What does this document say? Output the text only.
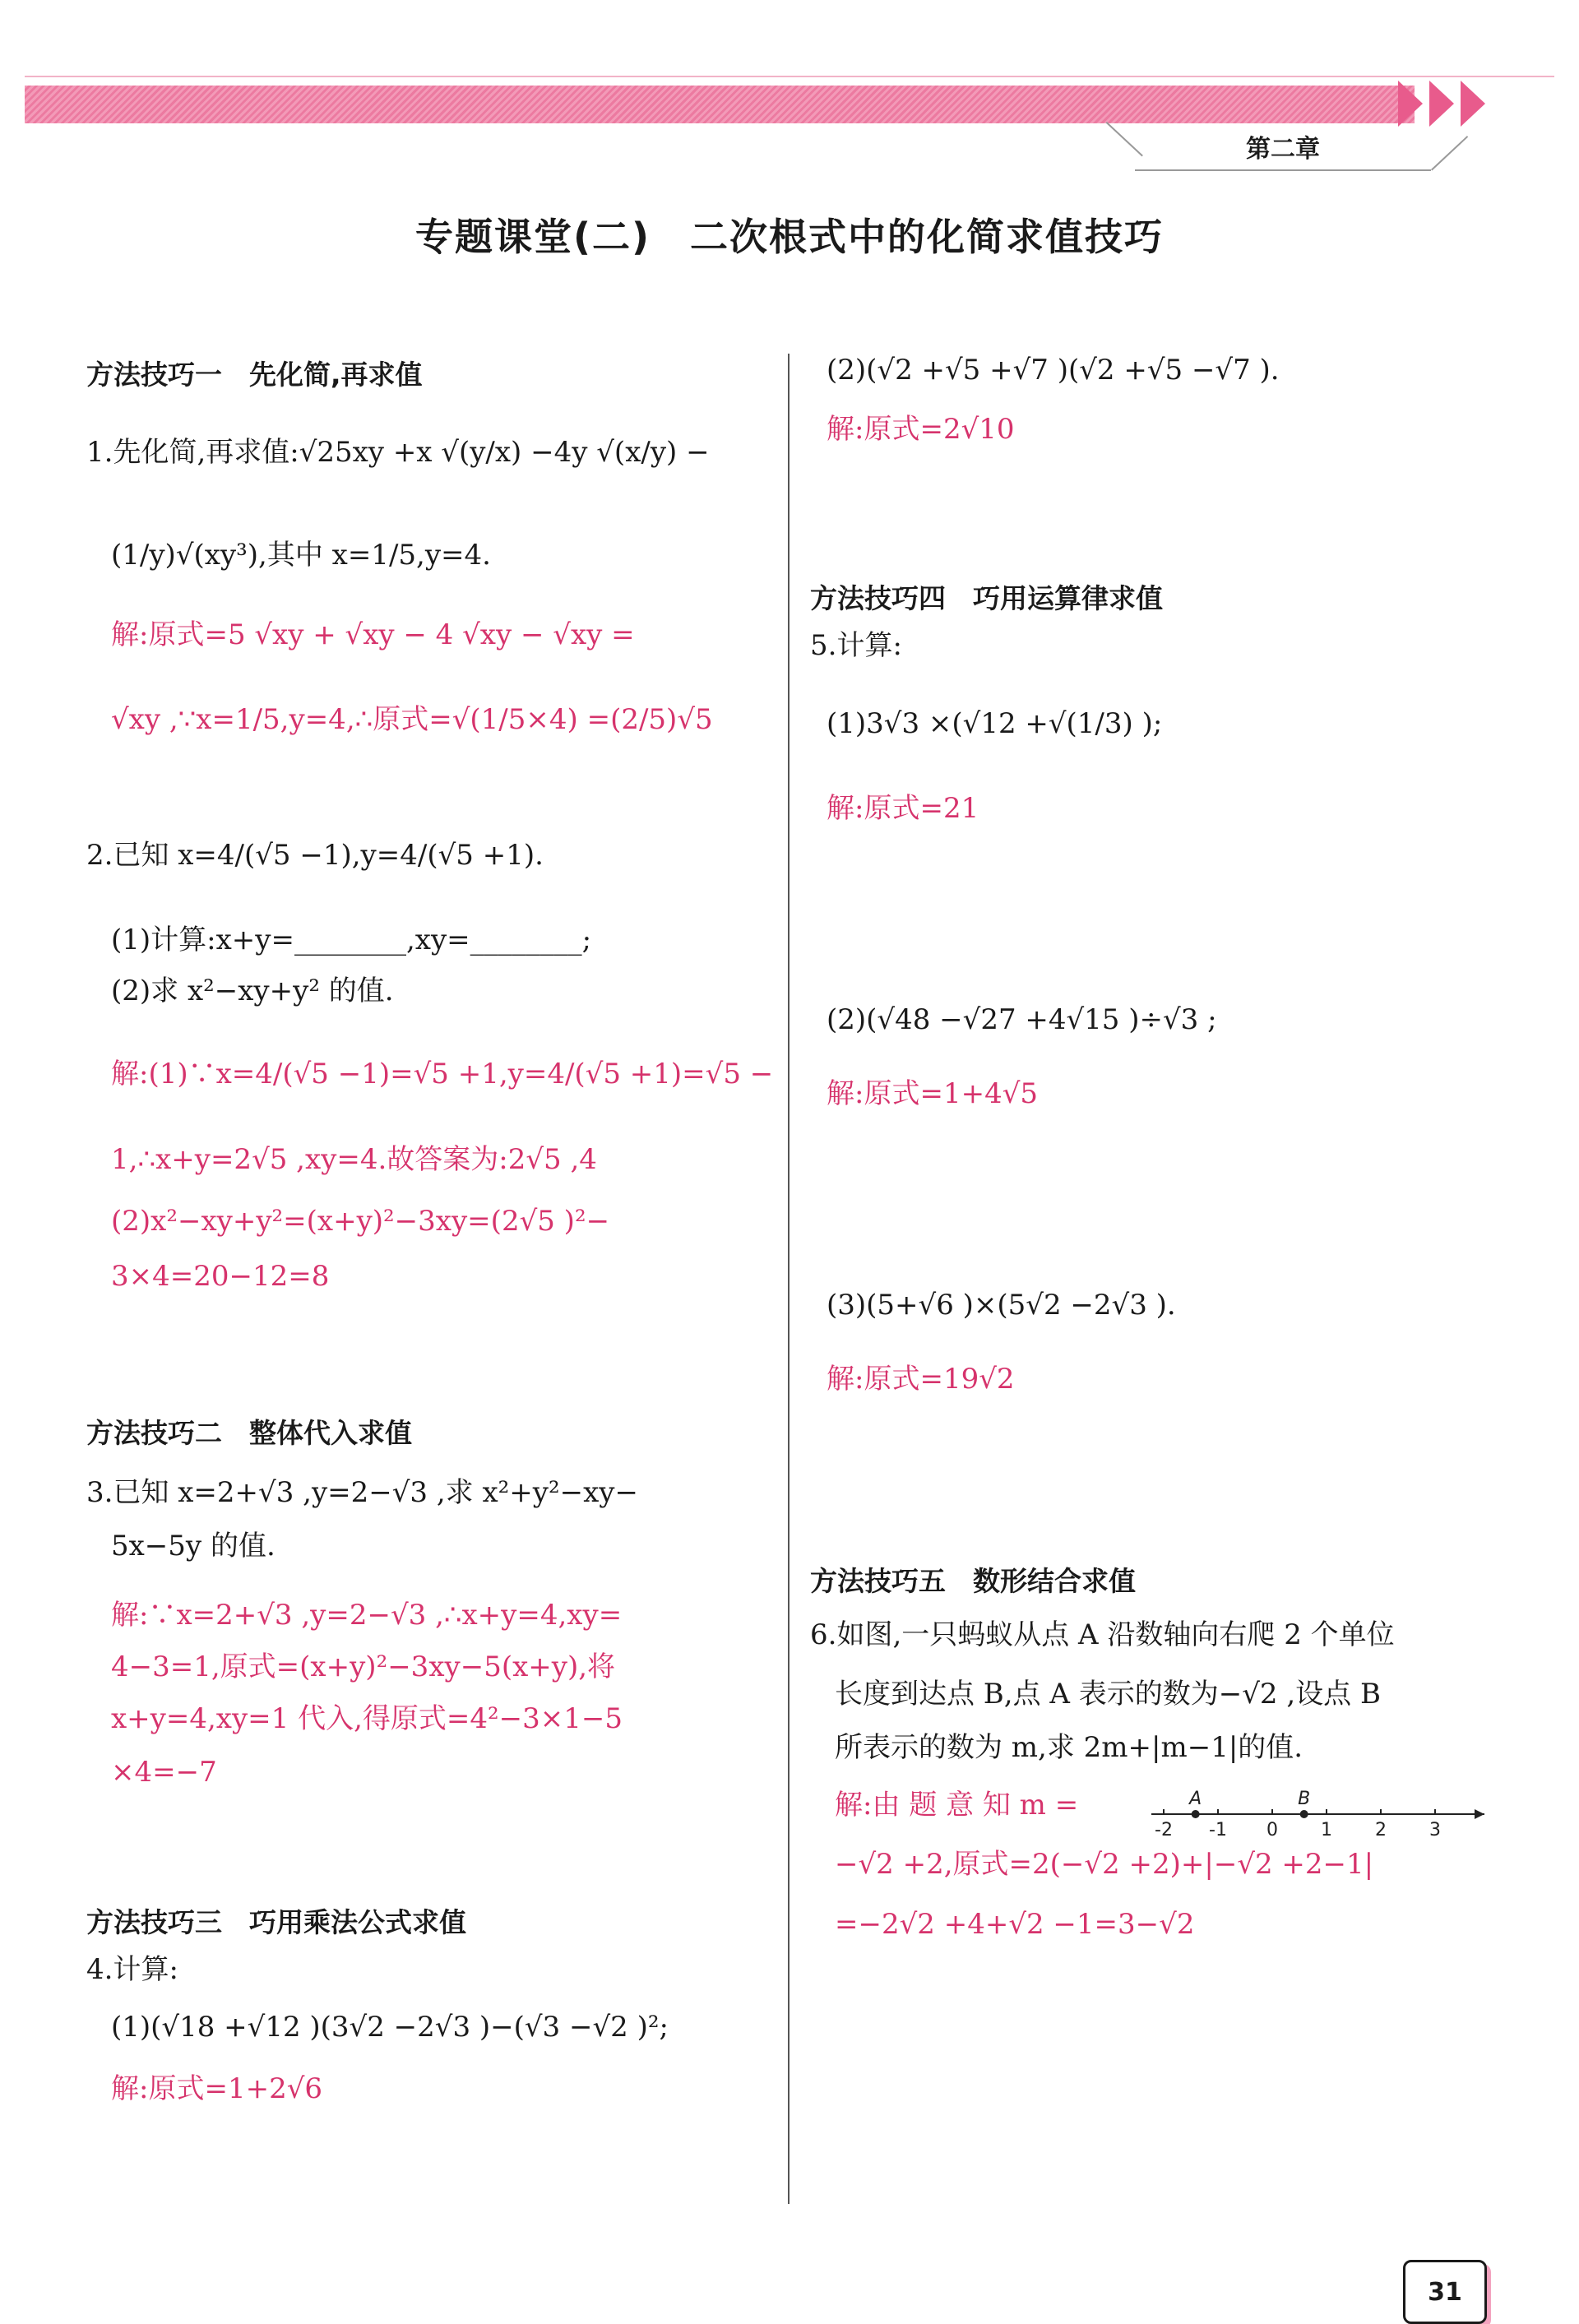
第二章
专题课堂(二)　二次根式中的化简求值技巧
方法技巧一　先化简,再求值
1.先化简,再求值:√25xy +x √(y/x) −4y √(x/y) −
(1/y)√(xy³),其中 x=1/5,y=4.
解:原式=5 √xy + √xy − 4 √xy − √xy =
√xy ,∵x=1/5,y=4,∴原式=√(1/5×4) =(2/5)√5
2.已知 x=4/(√5 −1),y=4/(√5 +1).
(1)计算:x+y=________,xy=________;
(2)求 x²−xy+y² 的值.
解:(1)∵x=4/(√5 −1)=√5 +1,y=4/(√5 +1)=√5 −
1,∴x+y=2√5 ,xy=4.故答案为:2√5 ,4
(2)x²−xy+y²=(x+y)²−3xy=(2√5 )²−
3×4=20−12=8
方法技巧二　整体代入求值
3.已知 x=2+√3 ,y=2−√3 ,求 x²+y²−xy−
5x−5y 的值.
解:∵x=2+√3 ,y=2−√3 ,∴x+y=4,xy=
4−3=1,原式=(x+y)²−3xy−5(x+y),将
x+y=4,xy=1 代入,得原式=4²−3×1−5
×4=−7
方法技巧三　巧用乘法公式求值
4.计算:
(1)(√18 +√12 )(3√2 −2√3 )−(√3 −√2 )²;
解:原式=1+2√6
(2)(√2 +√5 +√7 )(√2 +√5 −√7 ).
解:原式=2√10
方法技巧四　巧用运算律求值
5.计算:
(1)3√3 ×(√12 +√(1/3) );
解:原式=21
(2)(√48 −√27 +4√15 )÷√3 ;
解:原式=1+4√5
(3)(5+√6 )×(5√2 −2√3 ).
解:原式=19√2
方法技巧五　数形结合求值
6.如图,一只蚂蚁从点 A 沿数轴向右爬 2 个单位
长度到达点 B,点 A 表示的数为−√2 ,设点 B
所表示的数为 m,求 2m+|m−1|的值.
解:由 题 意 知 m =
−√2 +2,原式=2(−√2 +2)+|−√2 +2−1|
=−2√2 +4+√2 −1=3−√2
-2 -1 0 1 2 3
A	B
31
